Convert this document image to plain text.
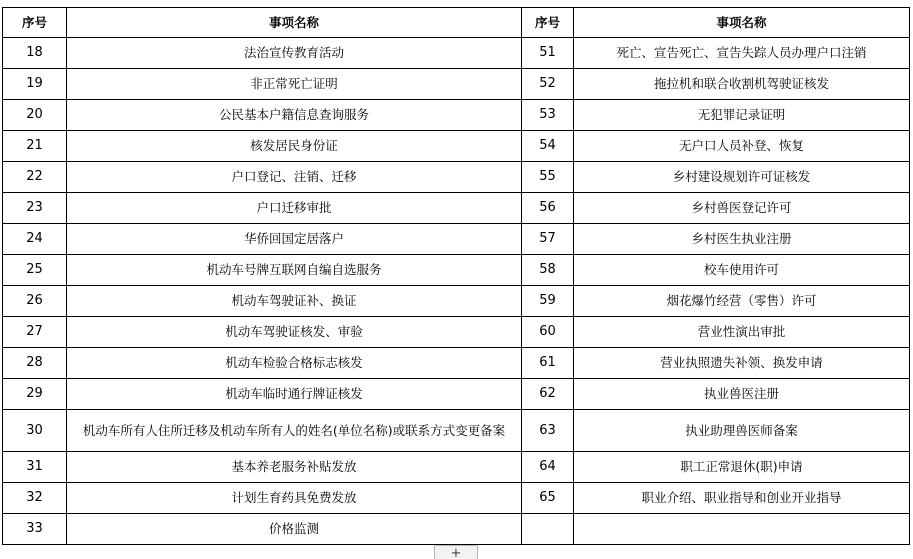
序号	事项名称	序号	事项名称
18	法治宣传教育活动	51	死亡、宣告死亡、宣告失踪人员办理户口注销
19	非正常死亡证明	52	拖拉机和联合收割机驾驶证核发
20	公民基本户籍信息查询服务	53	无犯罪记录证明
21	核发居民身份证	54	无户口人员补登、恢复
22	户口登记、注销、迁移	55	乡村建设规划许可证核发
23	户口迁移审批	56	乡村兽医登记许可
24	华侨回国定居落户	57	乡村医生执业注册
25	机动车号牌互联网自编自选服务	58	校车使用许可
26	机动车驾驶证补、换证	59	烟花爆竹经营（零售）许可
27	机动车驾驶证核发、审验	60	营业性演出审批
28	机动车检验合格标志核发	61	营业执照遗失补领、换发申请
29	机动车临时通行牌证核发	62	执业兽医注册
30	机动车所有人住所迁移及机动车所有人的姓名(单位名称)或联系方式变更备案	63	执业助理兽医师备案
31	基本养老服务补贴发放	64	职工正常退休(职)申请
32	计划生育药具免费发放	65	职业介绍、职业指导和创业开业指导
33	价格监测		
+
